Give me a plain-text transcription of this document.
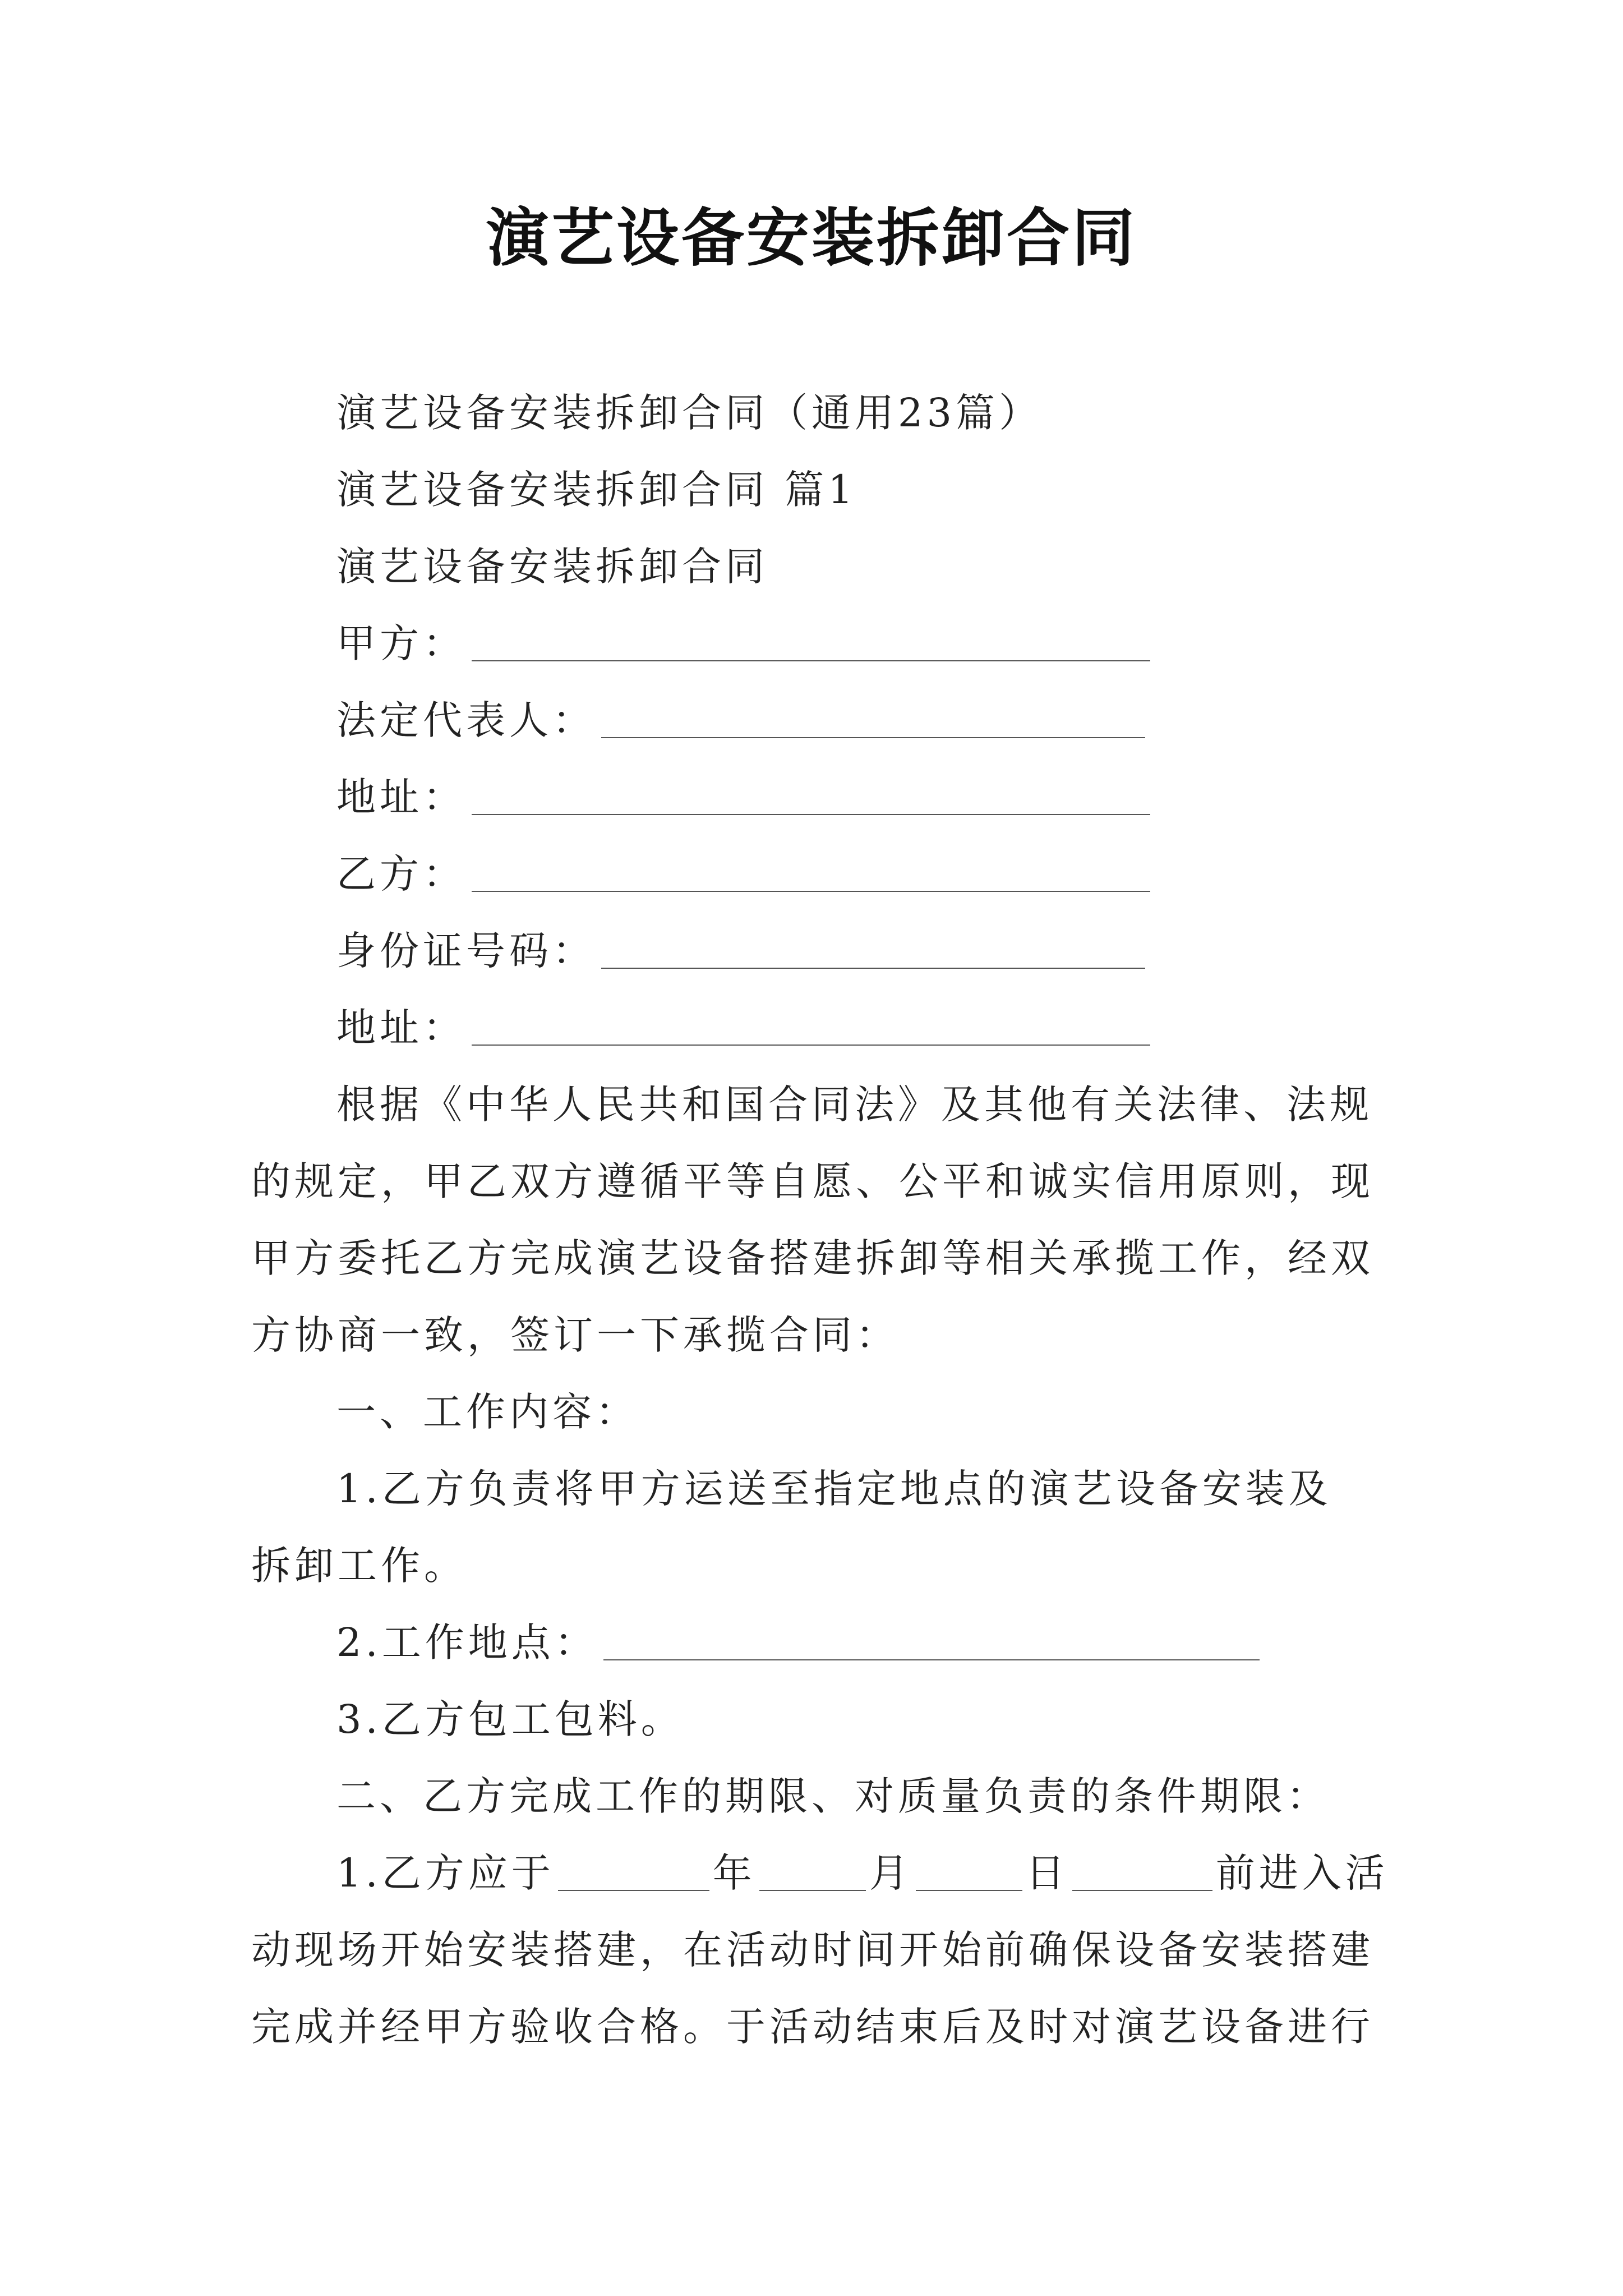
演艺设备安装拆卸合同
演艺设备安装拆卸合同（通用23篇）
演艺设备安装拆卸合同 篇1
演艺设备安装拆卸合同
甲方：
法定代表人：
地址：
乙方：
身份证号码：
地址：
根据《中华人民共和国合同法》及其他有关法律、法规
的规定，甲乙双方遵循平等自愿、公平和诚实信用原则，现
甲方委托乙方完成演艺设备搭建拆卸等相关承揽工作，经双
方协商一致，签订一下承揽合同：
一、工作内容：
1.乙方负责将甲方运送至指定地点的演艺设备安装及
拆卸工作。
2.工作地点：
3.乙方包工包料。
二、乙方完成工作的期限、对质量负责的条件期限：
1.乙方应于	年	月	日	前进入活
动现场开始安装搭建，在活动时间开始前确保设备安装搭建
完成并经甲方验收合格。于活动结束后及时对演艺设备进行
